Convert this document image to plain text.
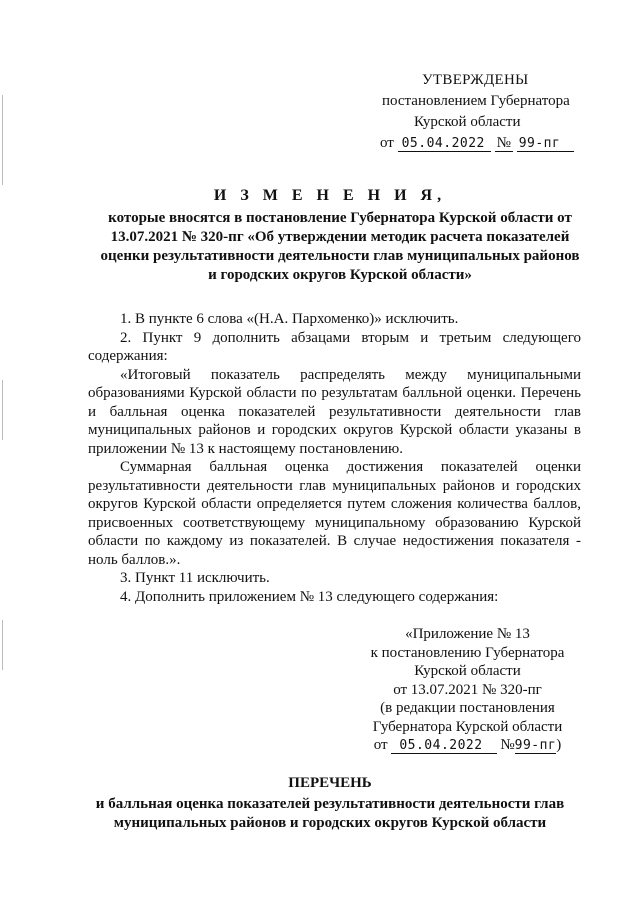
УТВЕРЖДЕНЫ
постановлением Губернатора
Курской области
от 05.04.2022 № 99-пг
И З М Е Н Е Н И Я,
которые вносятся в постановление Губернатора Курской области от 13.07.2021 № 320-пг «Об утверждении методик расчета показателей оценки результативности деятельности глав муниципальных районов и городских округов Курской области»

1. В пункте 6 слова «(Н.А. Пархоменко)» исключить.

2. Пункт 9 дополнить абзацами вторым и третьим следующего содержания:

«Итоговый показатель распределять между муниципальными образованиями Курской области по результатам балльной оценки. Перечень и балльная оценка показателей результативности деятельности глав муниципальных районов и городских округов Курской области указаны в приложении № 13 к настоящему постановлению.

Суммарная балльная оценка достижения показателей оценки результативности деятельности глав муниципальных районов и городских округов Курской области определяется путем сложения количества баллов, присвоенных соответствующему муниципальному образованию Курской области по каждому из показателей. В случае недостижения показателя - ноль баллов.».

3. Пункт 11 исключить.

4. Дополнить приложением № 13 следующего содержания:

«Приложение № 13
к постановлению Губернатора
Курской области
от 13.07.2021 № 320-пг
(в редакции постановления
Губернатора Курской области
от 05.04.2022 №99-пг)
ПЕРЕЧЕНЬ
и балльная оценка показателей результативности деятельности глав муниципальных районов и городских округов Курской области
